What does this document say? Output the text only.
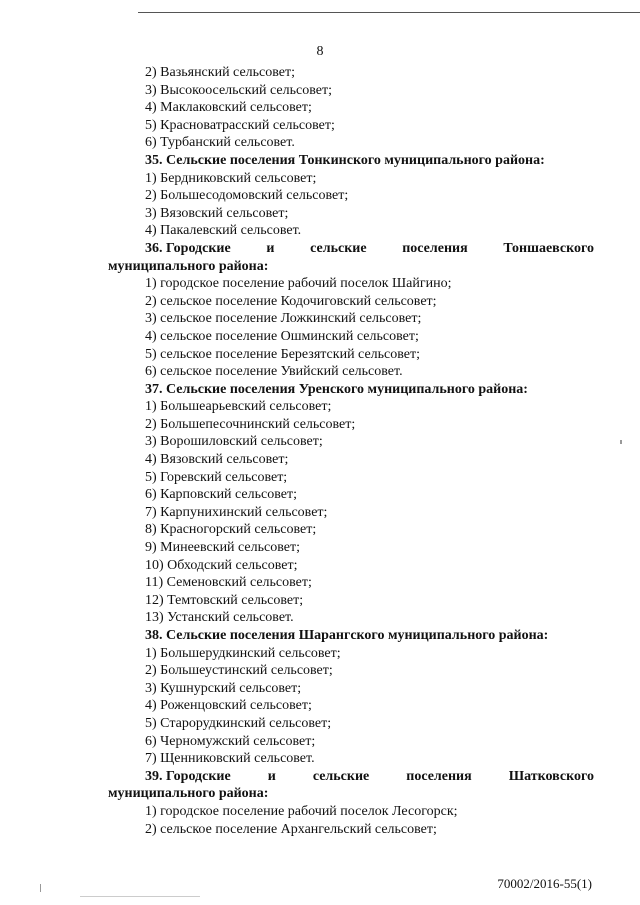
8
2) Вазьянский сельсовет;
3) Высокоосельский сельсовет;
4) Маклаковский сельсовет;
5) Красноватрасский сельсовет;
6) Турбанский сельсовет.
35. Сельские поселения Тонкинского муниципального района:
1) Бердниковский сельсовет;
2) Большесодомовский сельсовет;
3) Вязовский сельсовет;
4) Пакалевский сельсовет.
36. Городские	и	сельские	поселения	Тоншаевского
муниципального района:
1) городское поселение рабочий поселок Шайгино;
2) сельское поселение Кодочиговский сельсовет;
3) сельское поселение Ложкинский сельсовет;
4) сельское поселение Ошминский сельсовет;
5) сельское поселение Березятский сельсовет;
6) сельское поселение Увийский сельсовет.
37. Сельские поселения Уренского муниципального района:
1) Большеарьевский сельсовет;
2) Большепесочнинский сельсовет;
3) Ворошиловский сельсовет;
4) Вязовский сельсовет;
5) Горевский сельсовет;
6) Карповский сельсовет;
7) Карпунихинский сельсовет;
8) Красногорский сельсовет;
9) Минеевский сельсовет;
10) Обходский сельсовет;
11) Семеновский сельсовет;
12) Темтовский сельсовет;
13) Устанский сельсовет.
38. Сельские поселения Шарангского муниципального района:
1) Большерудкинский сельсовет;
2) Большеустинский сельсовет;
3) Кушнурский сельсовет;
4) Роженцовский сельсовет;
5) Старорудкинский сельсовет;
6) Черномужский сельсовет;
7) Щенниковский сельсовет.
39. Городские	и	сельские	поселения	Шатковского
муниципального района:
1) городское поселение рабочий поселок Лесогорск;
2) сельское поселение Архангельский сельсовет;
70002/2016-55(1)
